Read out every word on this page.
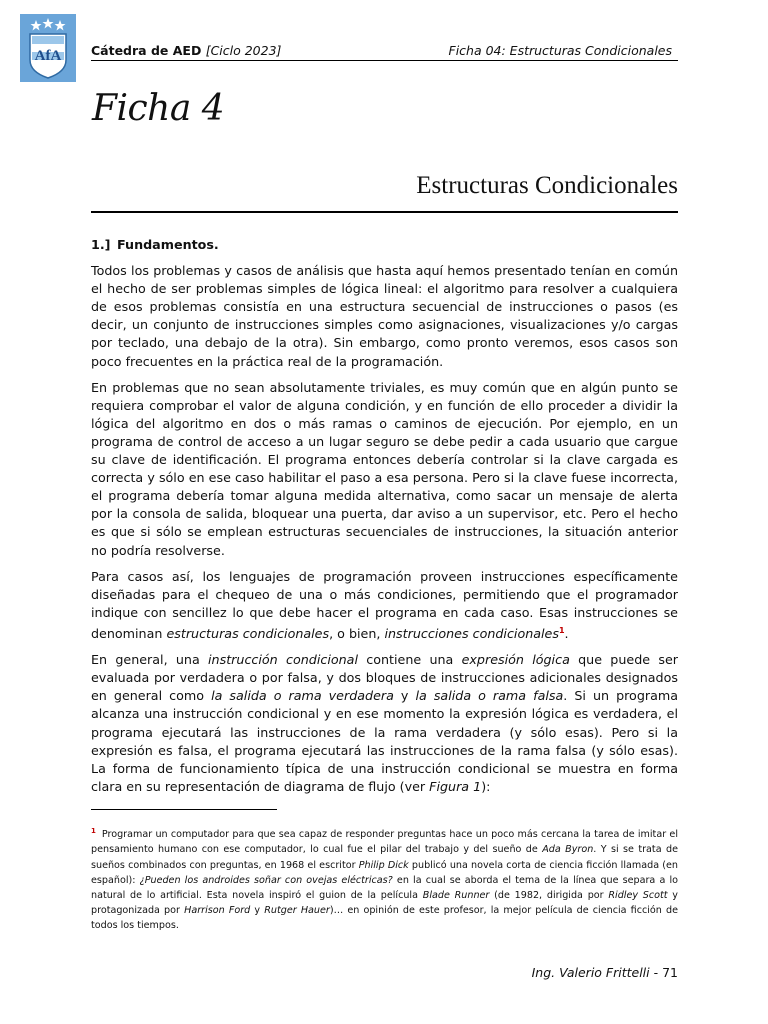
AfA Cátedra de AED [Ciclo 2023]	Ficha 04: Estructuras Condicionales
Ficha 4
Estructuras Condicionales
1.] Fundamentos.

Todos los problemas y casos de análisis que hasta aquí hemos presentado tenían en común el hecho de ser problemas simples de lógica lineal: el algoritmo para resolver a cualquiera de esos problemas consistía en una estructura secuencial de instrucciones o pasos (es decir, un conjunto de instrucciones simples como asignaciones, visualizaciones y/o cargas por teclado, una debajo de la otra). Sin embargo, como pronto veremos, esos casos son poco frecuentes en la práctica real de la programación.

En problemas que no sean absolutamente triviales, es muy común que en algún punto se requiera comprobar el valor de alguna condición, y en función de ello proceder a dividir la lógica del algoritmo en dos o más ramas o caminos de ejecución. Por ejemplo, en un programa de control de acceso a un lugar seguro se debe pedir a cada usuario que cargue su clave de identificación. El programa entonces debería controlar si la clave cargada es correcta y sólo en ese caso habilitar el paso a esa persona. Pero si la clave fuese incorrecta, el programa debería tomar alguna medida alternativa, como sacar un mensaje de alerta por la consola de salida, bloquear una puerta, dar aviso a un supervisor, etc. Pero el hecho es que si sólo se emplean estructuras secuenciales de instrucciones, la situación anterior no podría resolverse.

Para casos así, los lenguajes de programación proveen instrucciones específicamente diseñadas para el chequeo de una o más condiciones, permitiendo que el programador indique con sencillez lo que debe hacer el programa en cada caso. Esas instrucciones se denominan estructuras condicionales, o bien, instrucciones condicionales$^1$.

En general, una instrucción condicional contiene una expresión lógica que puede ser evaluada por verdadera o por falsa, y dos bloques de instrucciones adicionales designados en general como la salida o rama verdadera y la salida o rama falsa. Si un programa alcanza una instrucción condicional y en ese momento la expresión lógica es verdadera, el programa ejecutará las instrucciones de la rama verdadera (y sólo esas). Pero si la expresión es falsa, el programa ejecutará las instrucciones de la rama falsa (y sólo esas). La forma de funcionamiento típica de una instrucción condicional se muestra en forma clara en su representación de diagrama de flujo (ver Figura 1):

$^1$ Programar un computador para que sea capaz de responder preguntas hace un poco más cercana la tarea de imitar el pensamiento humano con ese computador, lo cual fue el pilar del trabajo y del sueño de Ada Byron. Y si se trata de sueños combinados con preguntas, en 1968 el escritor Philip Dick publicó una novela corta de ciencia ficción llamada (en español): ¿Pueden los androides soñar con ovejas eléctricas? en la cual se aborda el tema de la línea que separa a lo natural de lo artificial. Esta novela inspiró el guion de la película Blade Runner (de 1982, dirigida por Ridley Scott y protagonizada por Harrison Ford y Rutger Hauer)… en opinión de este profesor, la mejor película de ciencia ficción de todos los tiempos.
Ing. Valerio Frittelli - 71
